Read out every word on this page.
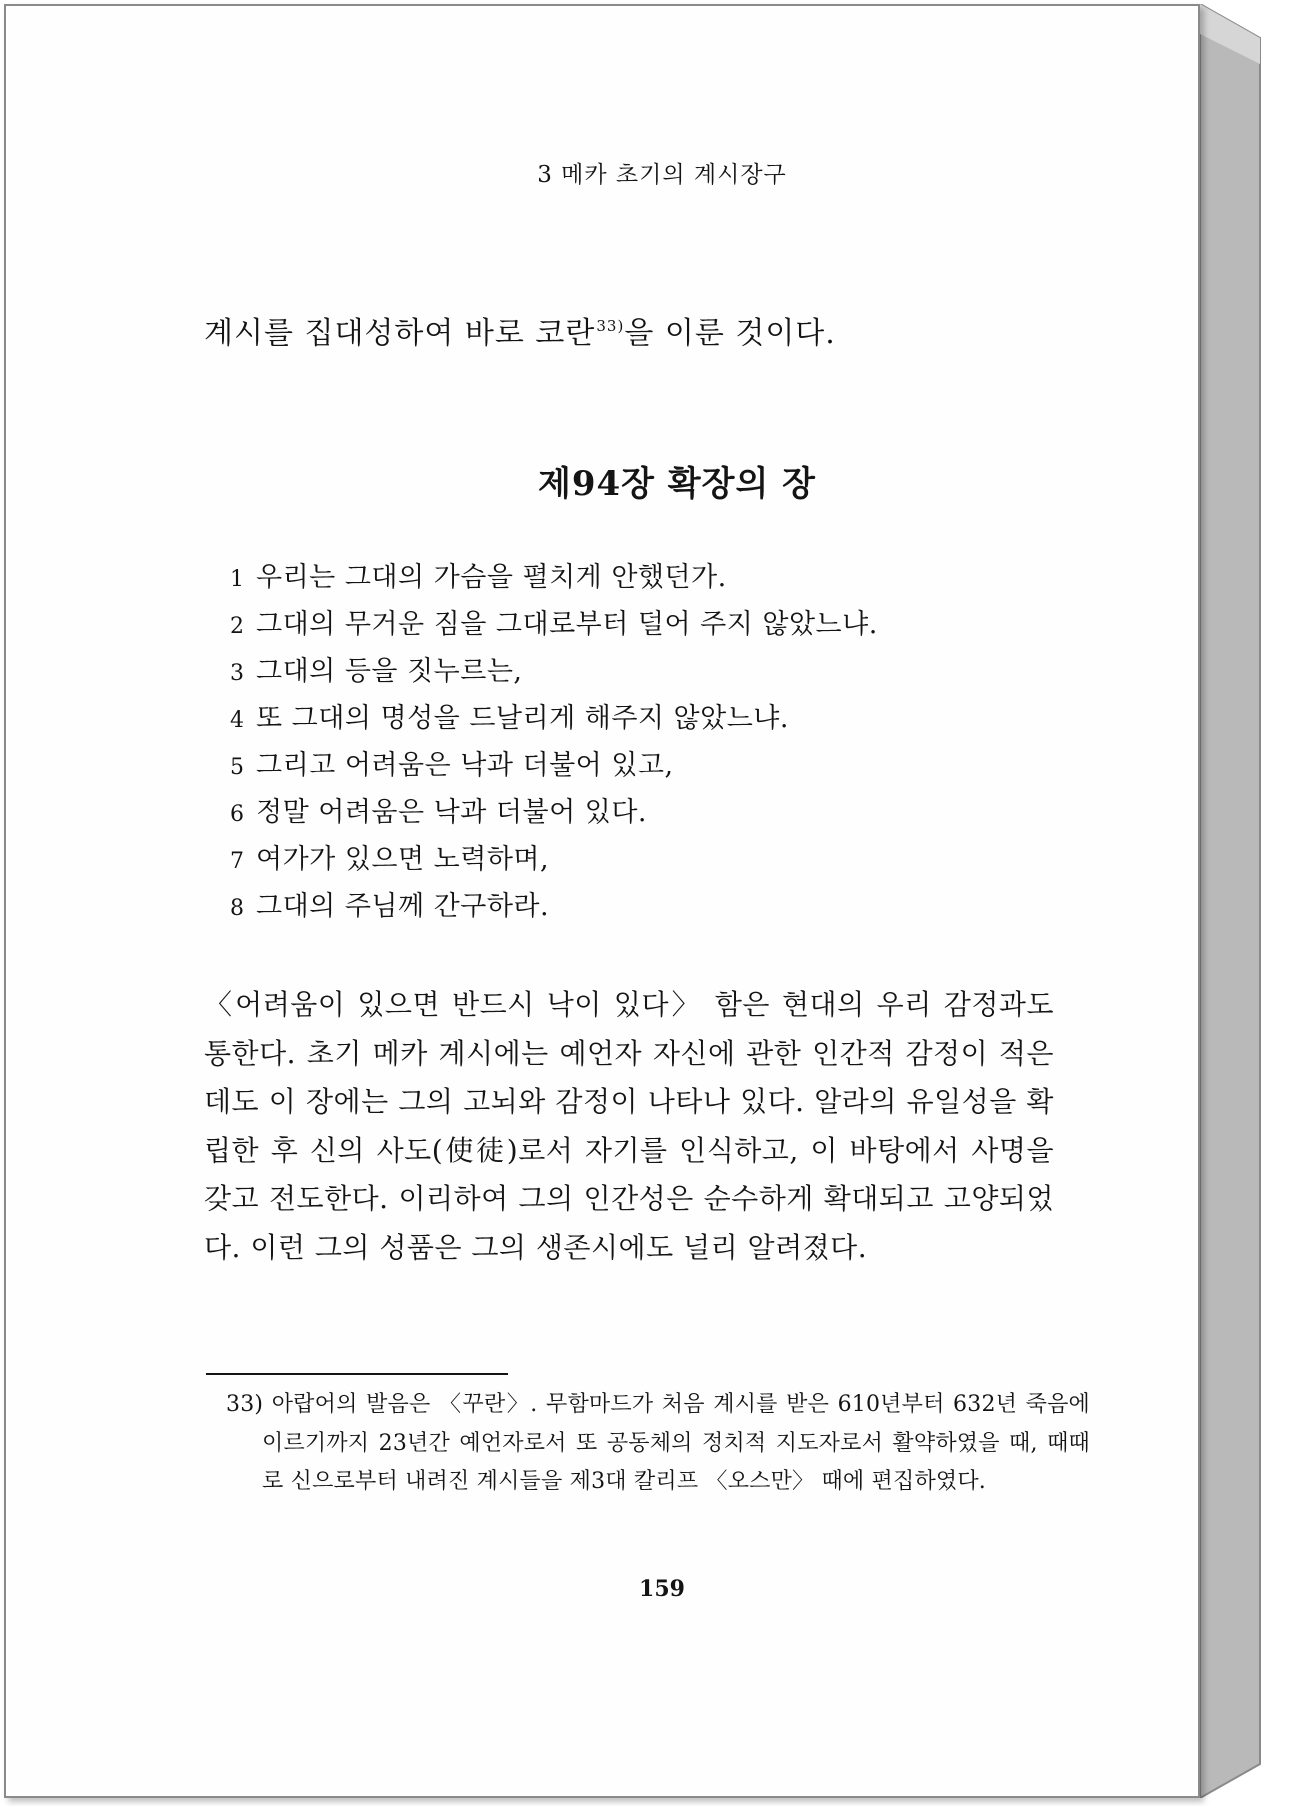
3 메카 초기의 계시장구
계시를 집대성하여 바로 코란$^{33)}$을 이룬 것이다.
제94장 확장의 장
1 우리는 그대의 가슴을 펼치게 안했던가.
2 그대의 무거운 짐을 그대로부터 덜어 주지 않았느냐.
3 그대의 등을 짓누르는,
4 또 그대의 명성을 드날리게 해주지 않았느냐.
5 그리고 어려움은 낙과 더불어 있고,
6 정말 어려움은 낙과 더불어 있다.
7 여가가 있으면 노력하며,
8 그대의 주님께 간구하라.

〈어려움이 있으면 반드시 낙이 있다〉 함은 현대의 우리 감정과도 통한다. 초기 메카 계시에는 예언자 자신에 관한 인간적 감정이 적은데도 이 장에는 그의 고뇌와 감정이 나타나 있다. 알라의 유일성을 확립한 후 신의 사도(使徒)로서 자기를 인식하고, 이 바탕에서 사명을 갖고 전도한다. 이리하여 그의 인간성은 순수하게 확대되고 고양되었다. 이런 그의 성품은 그의 생존시에도 널리 알려졌다.

33) 아랍어의 발음은 〈꾸란〉. 무함마드가 처음 계시를 받은 610년부터 632년 죽음에 이르기까지 23년간 예언자로서 또 공동체의 정치적 지도자로서 활약하였을 때, 때때로 신으로부터 내려진 계시들을 제3대 칼리프 〈오스만〉 때에 편집하였다.

159
